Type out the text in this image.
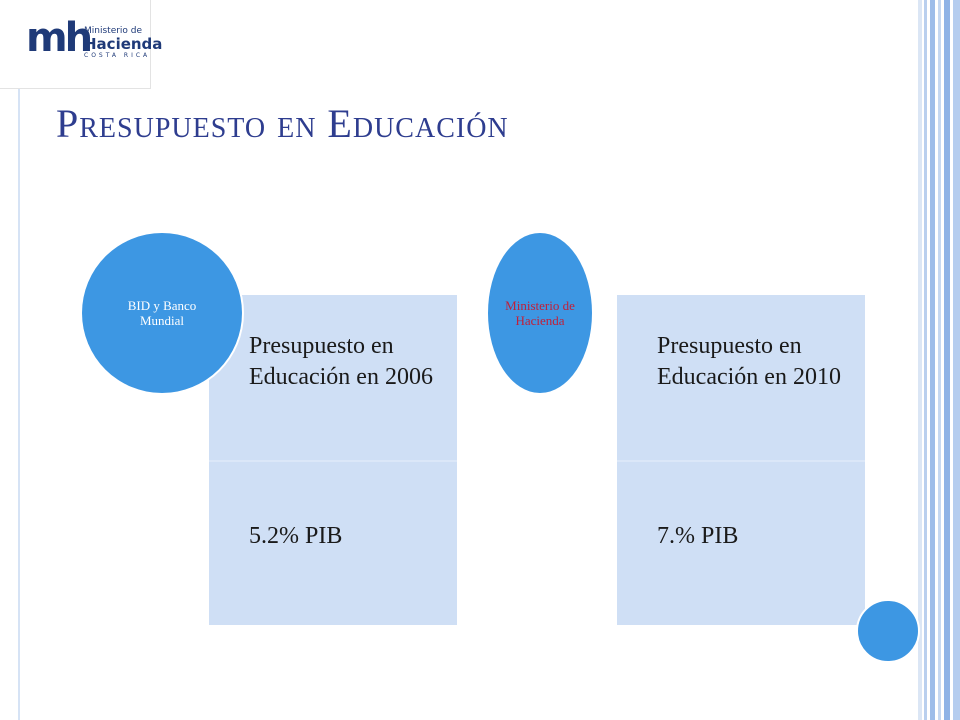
mh
Ministerio de
Hacienda
COSTA RICA
Presupuesto en Educación
Presupuesto en Educación en 2006
5.2% PIB
BID y Banco Mundial
Presupuesto en Educación en 2010
7.% PIB
Ministerio de Hacienda
